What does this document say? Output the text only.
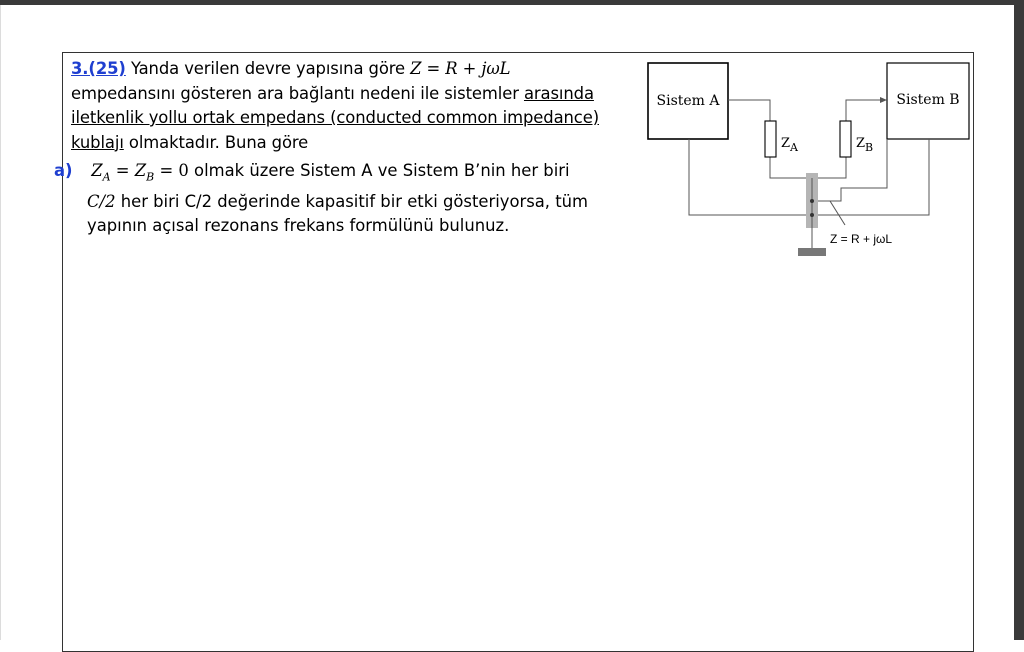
3.(25) Yanda verilen devre yapısına göre Z = R + jωL
empedansını gösteren ara bağlantı nedeni ile sistemler arasında
iletkenlik yollu ortak empedans (conducted common impedance)
kublajı olmaktadır. Buna göre
a) $Z_A = Z_B = 0$ olmak üzere Sistem A ve Sistem B’nin her biri
C/2 her biri C/2 değerinde kapasitif bir etki gösteriyorsa, tüm
yapının açısal rezonans frekans formülünü bulunuz.
Sistem A	Sistem B
$Z_A$	$Z_B$
Z = R + jωL
